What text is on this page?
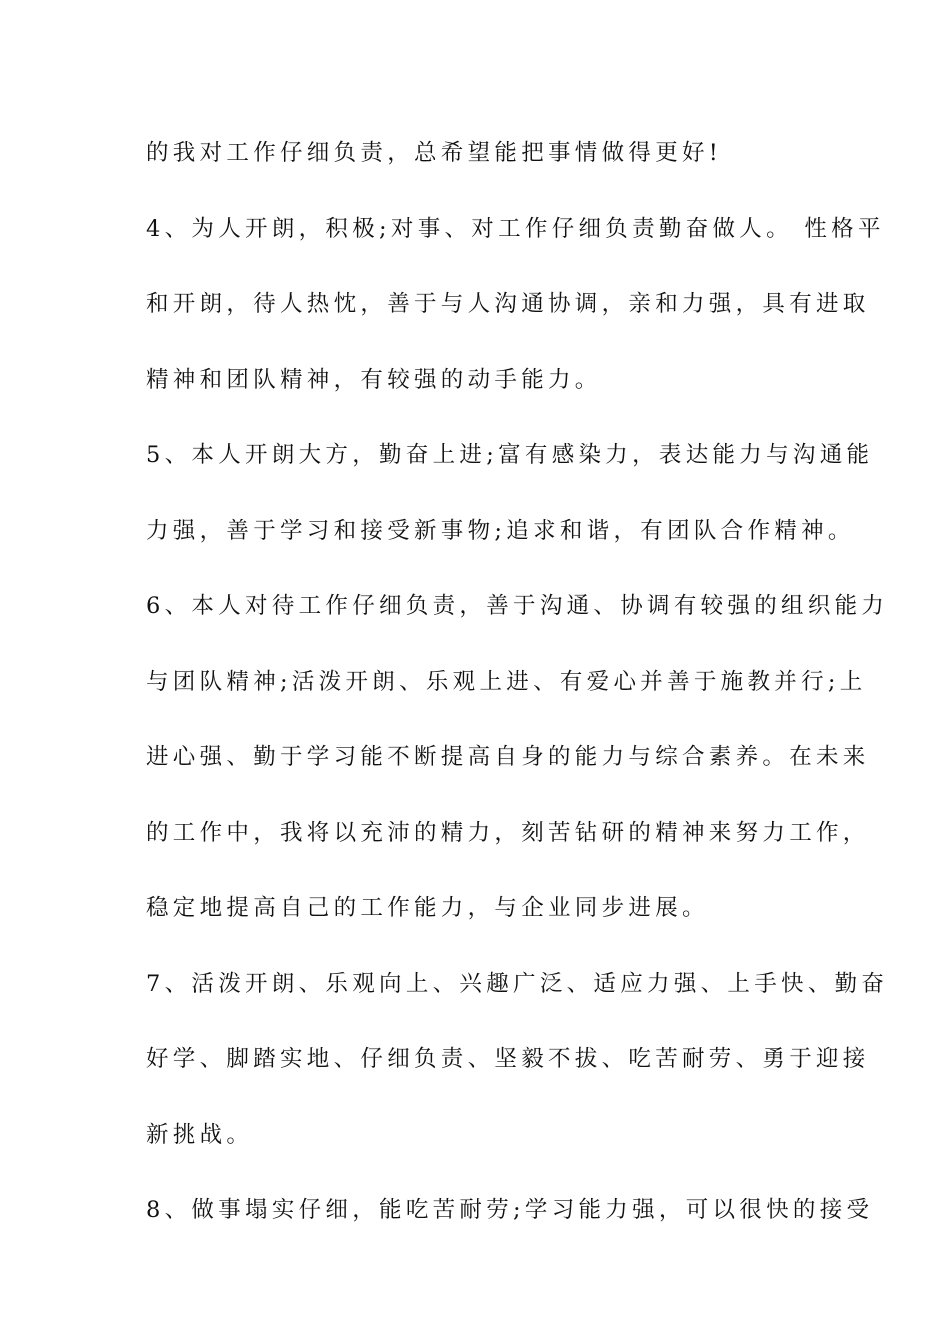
的我对工作仔细负责，总希望能把事情做得更好!
4、为人开朗，积极;对事、对工作仔细负责勤奋做人。 性格平
和开朗，待人热忱，善于与人沟通协调，亲和力强，具有进取
精神和团队精神，有较强的动手能力。
5、本人开朗大方，勤奋上进;富有感染力，表达能力与沟通能
力强，善于学习和接受新事物;追求和谐，有团队合作精神。
6、本人对待工作仔细负责，善于沟通、协调有较强的组织能力
与团队精神;活泼开朗、乐观上进、有爱心并善于施教并行;上
进心强、勤于学习能不断提高自身的能力与综合素养。在未来
的工作中，我将以充沛的精力，刻苦钻研的精神来努力工作，
稳定地提高自己的工作能力，与企业同步进展。
7、活泼开朗、乐观向上、兴趣广泛、适应力强、上手快、勤奋
好学、脚踏实地、仔细负责、坚毅不拔、吃苦耐劳、勇于迎接
新挑战。
8、做事塌实仔细，能吃苦耐劳;学习能力强，可以很快的接受
